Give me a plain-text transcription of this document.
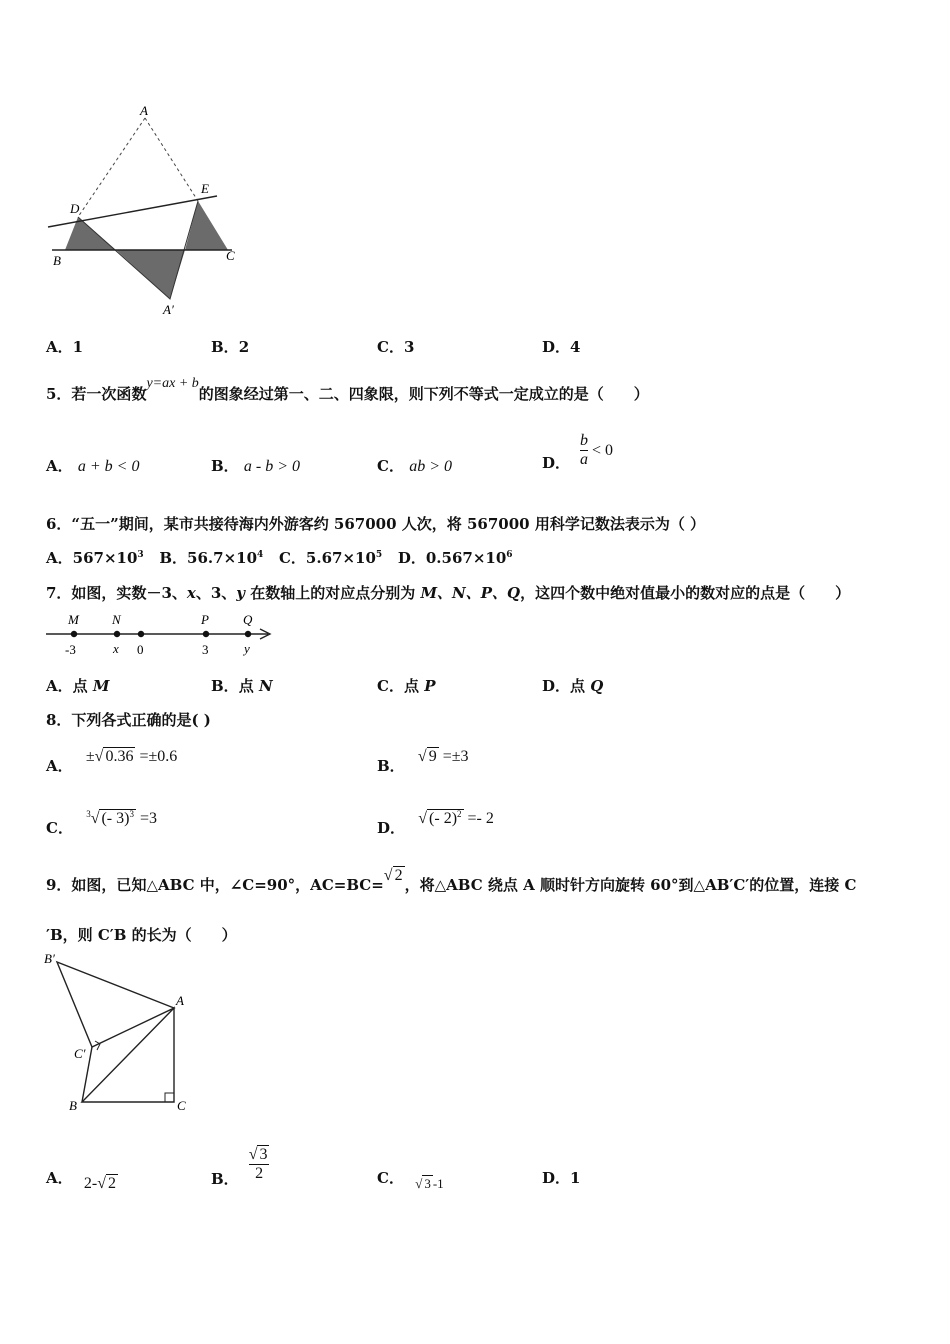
A
E
D
B	C
A′
A．1	B．2	C．3	D．4
5．若一次函数y=ax + b的图象经过第一、二、四象限，则下列不等式一定成立的是（　　）
A． a + b < 0	B． a - b > 0	C． ab > 0	D． $\frac{b}{a} < 0$
6．“五一”期间，某市共接待海内外游客约 567000 人次，将 567000 用科学记数法表示为（ ）
A．$567\times 10^3$ B．$56.7\times 10^4$ C．$5.67\times 10^5$ D．$0.567\times 10^6$
7．如图，实数－3、x、3、y 在数轴上的对应点分别为 M、N、P、Q，这四个数中绝对值最小的数对应的点是（　　）
M	N	P	Q
-3	x 0	3	y
A．点 M	B．点 N	C．点 P	D．点 Q
8．下列各式正确的是( )
A． ±√ 0.36 =±0.6
B． √ 9 =±3
C． $^3$√ (- 3)$^3$ =3
D． √ (- 2)$^2$ =- 2
9．如图，已知△ABC 中，∠C=90°，AC=BC=√ 2，将△ABC 绕点 A 顺时针方向旋转 60°到△AB′C′的位置，连接 C
′B，则 C′B 的长为（　　）
B′
A
C′
B	C
A． 2-√ 2	B． $\frac{√ 3}{2}$	C． √ 3 -1	D．1
